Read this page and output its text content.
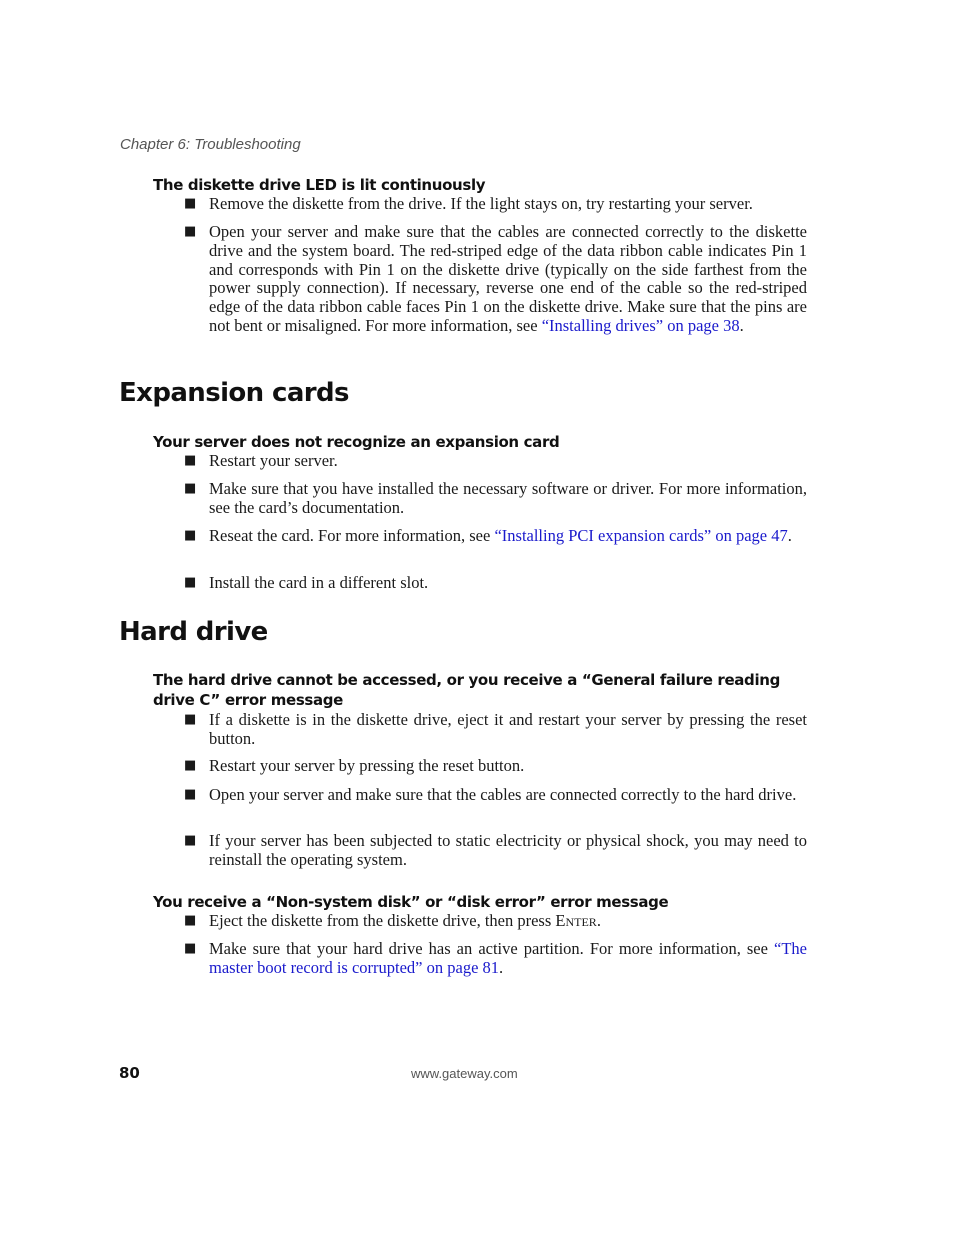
Chapter 6: Troubleshooting
The diskette drive LED is lit continuously
■ Remove the diskette from the drive. If the light stays on, try restarting your server.
■ Open your server and make sure that the cables are connected correctly to the diskette drive and the system board. The red-striped edge of the data ribbon cable indicates Pin 1 and corresponds with Pin 1 on the diskette drive (typically on the side farthest from the power supply connection). If necessary, reverse one end of the cable so the red-striped edge of the data ribbon cable faces Pin 1 on the diskette drive. Make sure that the pins are not bent or misaligned. For more information, see “Installing drives” on page 38.
Expansion cards
Your server does not recognize an expansion card
■ Restart your server.
■ Make sure that you have installed the necessary software or driver. For more information, see the card’s documentation.
■ Reseat the card. For more information, see “Installing PCI expansion cards” on page 47.
■ Install the card in a different slot.
Hard drive
The hard drive cannot be accessed, or you receive a “General failure reading drive C” error message
■ If a diskette is in the diskette drive, eject it and restart your server by pressing the reset button.
■ Restart your server by pressing the reset button.
■ Open your server and make sure that the cables are connected correctly to the hard drive.
■ If your server has been subjected to static electricity or physical shock, you may need to reinstall the operating system.
You receive a “Non-system disk” or “disk error” error message
■ Eject the diskette from the diskette drive, then press Enter.
■ Make sure that your hard drive has an active partition. For more information, see “The master boot record is corrupted” on page 81.
80	www.gateway.com
